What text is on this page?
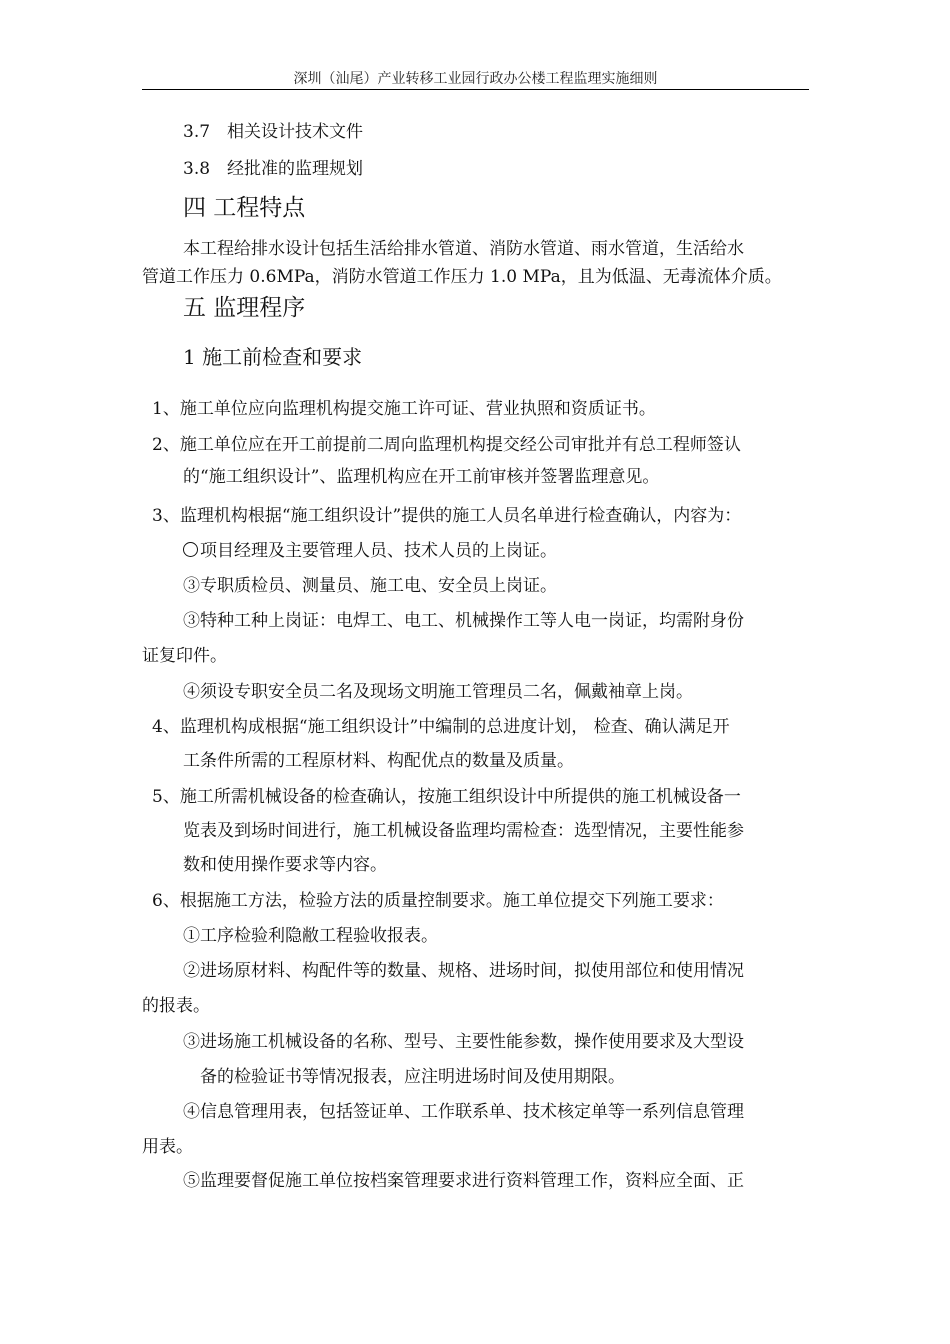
深圳（汕尾）产业转移工业园行政办公楼工程监理实施细则
3.7　相关设计技术文件
3.8　经批准的监理规划
四 工程特点
本工程给排水设计包括生活给排水管道、消防水管道、雨水管道，生活给水
管道工作压力 0.6MPa，消防水管道工作压力 1.0 MPa，且为低温、无毒流体介质。
五 监理程序
1 施工前检查和要求
1、施工单位应向监理机构提交施工许可证、营业执照和资质证书。
2、施工单位应在开工前提前二周向监理机构提交经公司审批并有总工程师签认
的“施工组织设计”、监理机构应在开工前审核并签署监理意见。
3、监理机构根据“施工组织设计”提供的施工人员名单进行检查确认，内容为：
项目经理及主要管理人员、技术人员的上岗证。
③专职质检员、测量员、施工电、安全员上岗证。
③特种工种上岗证：电焊工、电工、机械操作工等人电一岗证，均需附身份
证复印件。
④须设专职安全员二名及现场文明施工管理员二名，佩戴袖章上岗。
4、监理机构成根据“施工组织设计”中编制的总进度计划， 检查、确认满足开
工条件所需的工程原材料、构配优点的数量及质量。
5、施工所需机械设备的检查确认，按施工组织设计中所提供的施工机械设备一
览表及到场时间进行，施工机械设备监理均需检查：选型情况，主要性能参
数和使用操作要求等内容。
6、根据施工方法，检验方法的质量控制要求。施工单位提交下列施工要求：
①工序检验利隐敝工程验收报表。
②进场原材料、构配件等的数量、规格、进场时间，拟使用部位和使用情况
的报表。
③进场施工机械设备的名称、型号、主要性能参数，操作使用要求及大型设
备的检验证书等情况报表，应注明进场时间及使用期限。
④信息管理用表，包括签证单、工作联系单、技术核定单等一系列信息管理
用表。
⑤监理要督促施工单位按档案管理要求进行资料管理工作，资料应全面、正
